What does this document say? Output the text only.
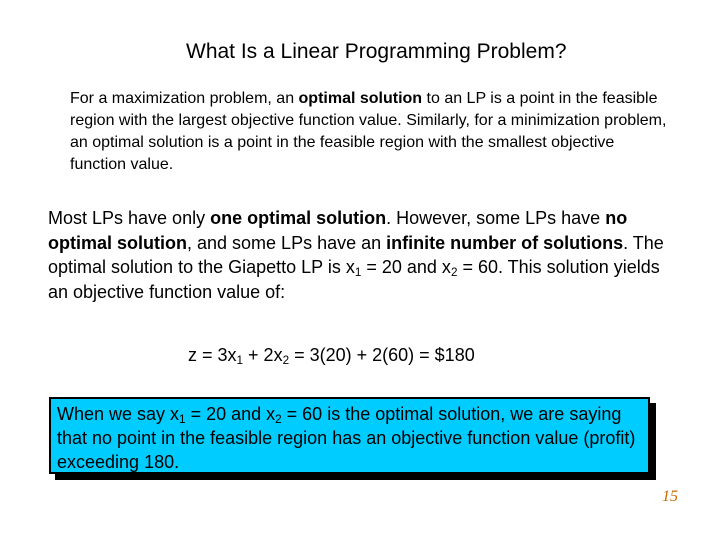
What Is a Linear Programming Problem?
For a maximization problem, an optimal solution to an LP is a point in the feasible region with the largest objective function value. Similarly, for a minimization problem, an optimal solution is a point in the feasible region with the smallest objective function value.
Most LPs have only one optimal solution. However, some LPs have no optimal solution, and some LPs have an infinite number of solutions. The optimal solution to the Giapetto LP is $x_1 = 20$ and $x_2 = 60$. This solution yields an objective function value of:
$z = 3x_1 + 2x_2 = 3(20) + 2(60)$ = $180
When we say $x_1 = 20$ and $x_2 = 60$ is the optimal solution, we are saying that no point in the feasible region has an objective function value (profit) exceeding 180.
15
